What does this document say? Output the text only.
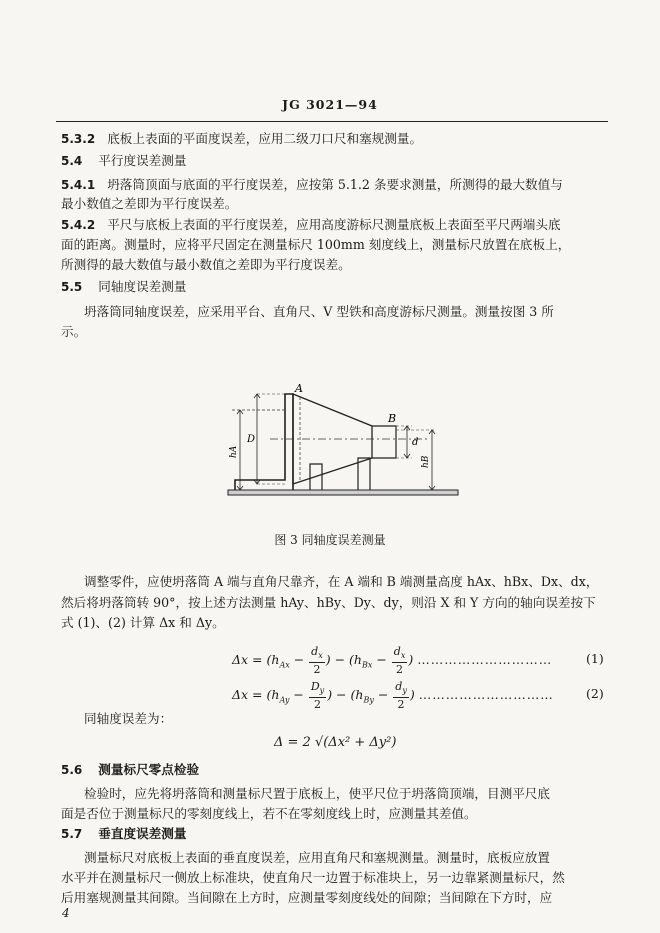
JG 3021—94
5.3.2 底板上表面的平面度误差，应用二级刀口尺和塞规测量。
5.4 平行度误差测量
5.4.1 坍落筒顶面与底面的平行度误差，应按第 5.1.2 条要求测量，所测得的最大数值与
最小数值之差即为平行度误差。
5.4.2 平尺与底板上表面的平行度误差，应用高度游标尺测量底板上表面至平尺两端头底
面的距离。测量时，应将平尺固定在测量标尺 100mm 刻度线上，测量标尺放置在底板上，
所测得的最大数值与最小数值之差即为平行度误差。
5.5 同轴度误差测量
坍落筒同轴度误差，应采用平台、直角尺、V 型铁和高度游标尺测量。测量按图 3 所
示。
A
B
D	d
hA
hB
图 3 同轴度误差测量
调整零件，应使坍落筒 A 端与直角尺靠齐，在 A 端和 B 端测量高度 hAx、hBx、Dx、dx，
然后将坍落筒转 90°，按上述方法测量 hAy、hBy、Dy、dy，则沿 X 和 Y 方向的轴向误差按下
式 (1)、(2) 计算 Δx 和 Δy。
$\Delta x = (h_{Ax} - \frac{d_x}{2}$ ) − ($h_{Bx} - \frac{d_x}{2}$ ) …………………………	(1)
$\Delta x = (h_{Ay} - \frac{D_y}{2}$ ) − ($h_{By} - \frac{d_y}{2}$ ) …………………………	(2)
同轴度误差为：
Δ = 2 √(Δx² + Δy²)
5.6 测量标尺零点检验
检验时，应先将坍落筒和测量标尺置于底板上，使平尺位于坍落筒顶端，目测平尺底
面是否位于测量标尺的零刻度线上，若不在零刻度线上时，应测量其差值。
5.7 垂直度误差测量
测量标尺对底板上表面的垂直度误差，应用直角尺和塞规测量。测量时，底板应放置
水平并在测量标尺一侧放上标准块，使直角尺一边置于标准块上，另一边靠紧测量标尺，然
后用塞规测量其间隙。当间隙在上方时，应测量零刻度线处的间隙；当间隙在下方时，应
4
